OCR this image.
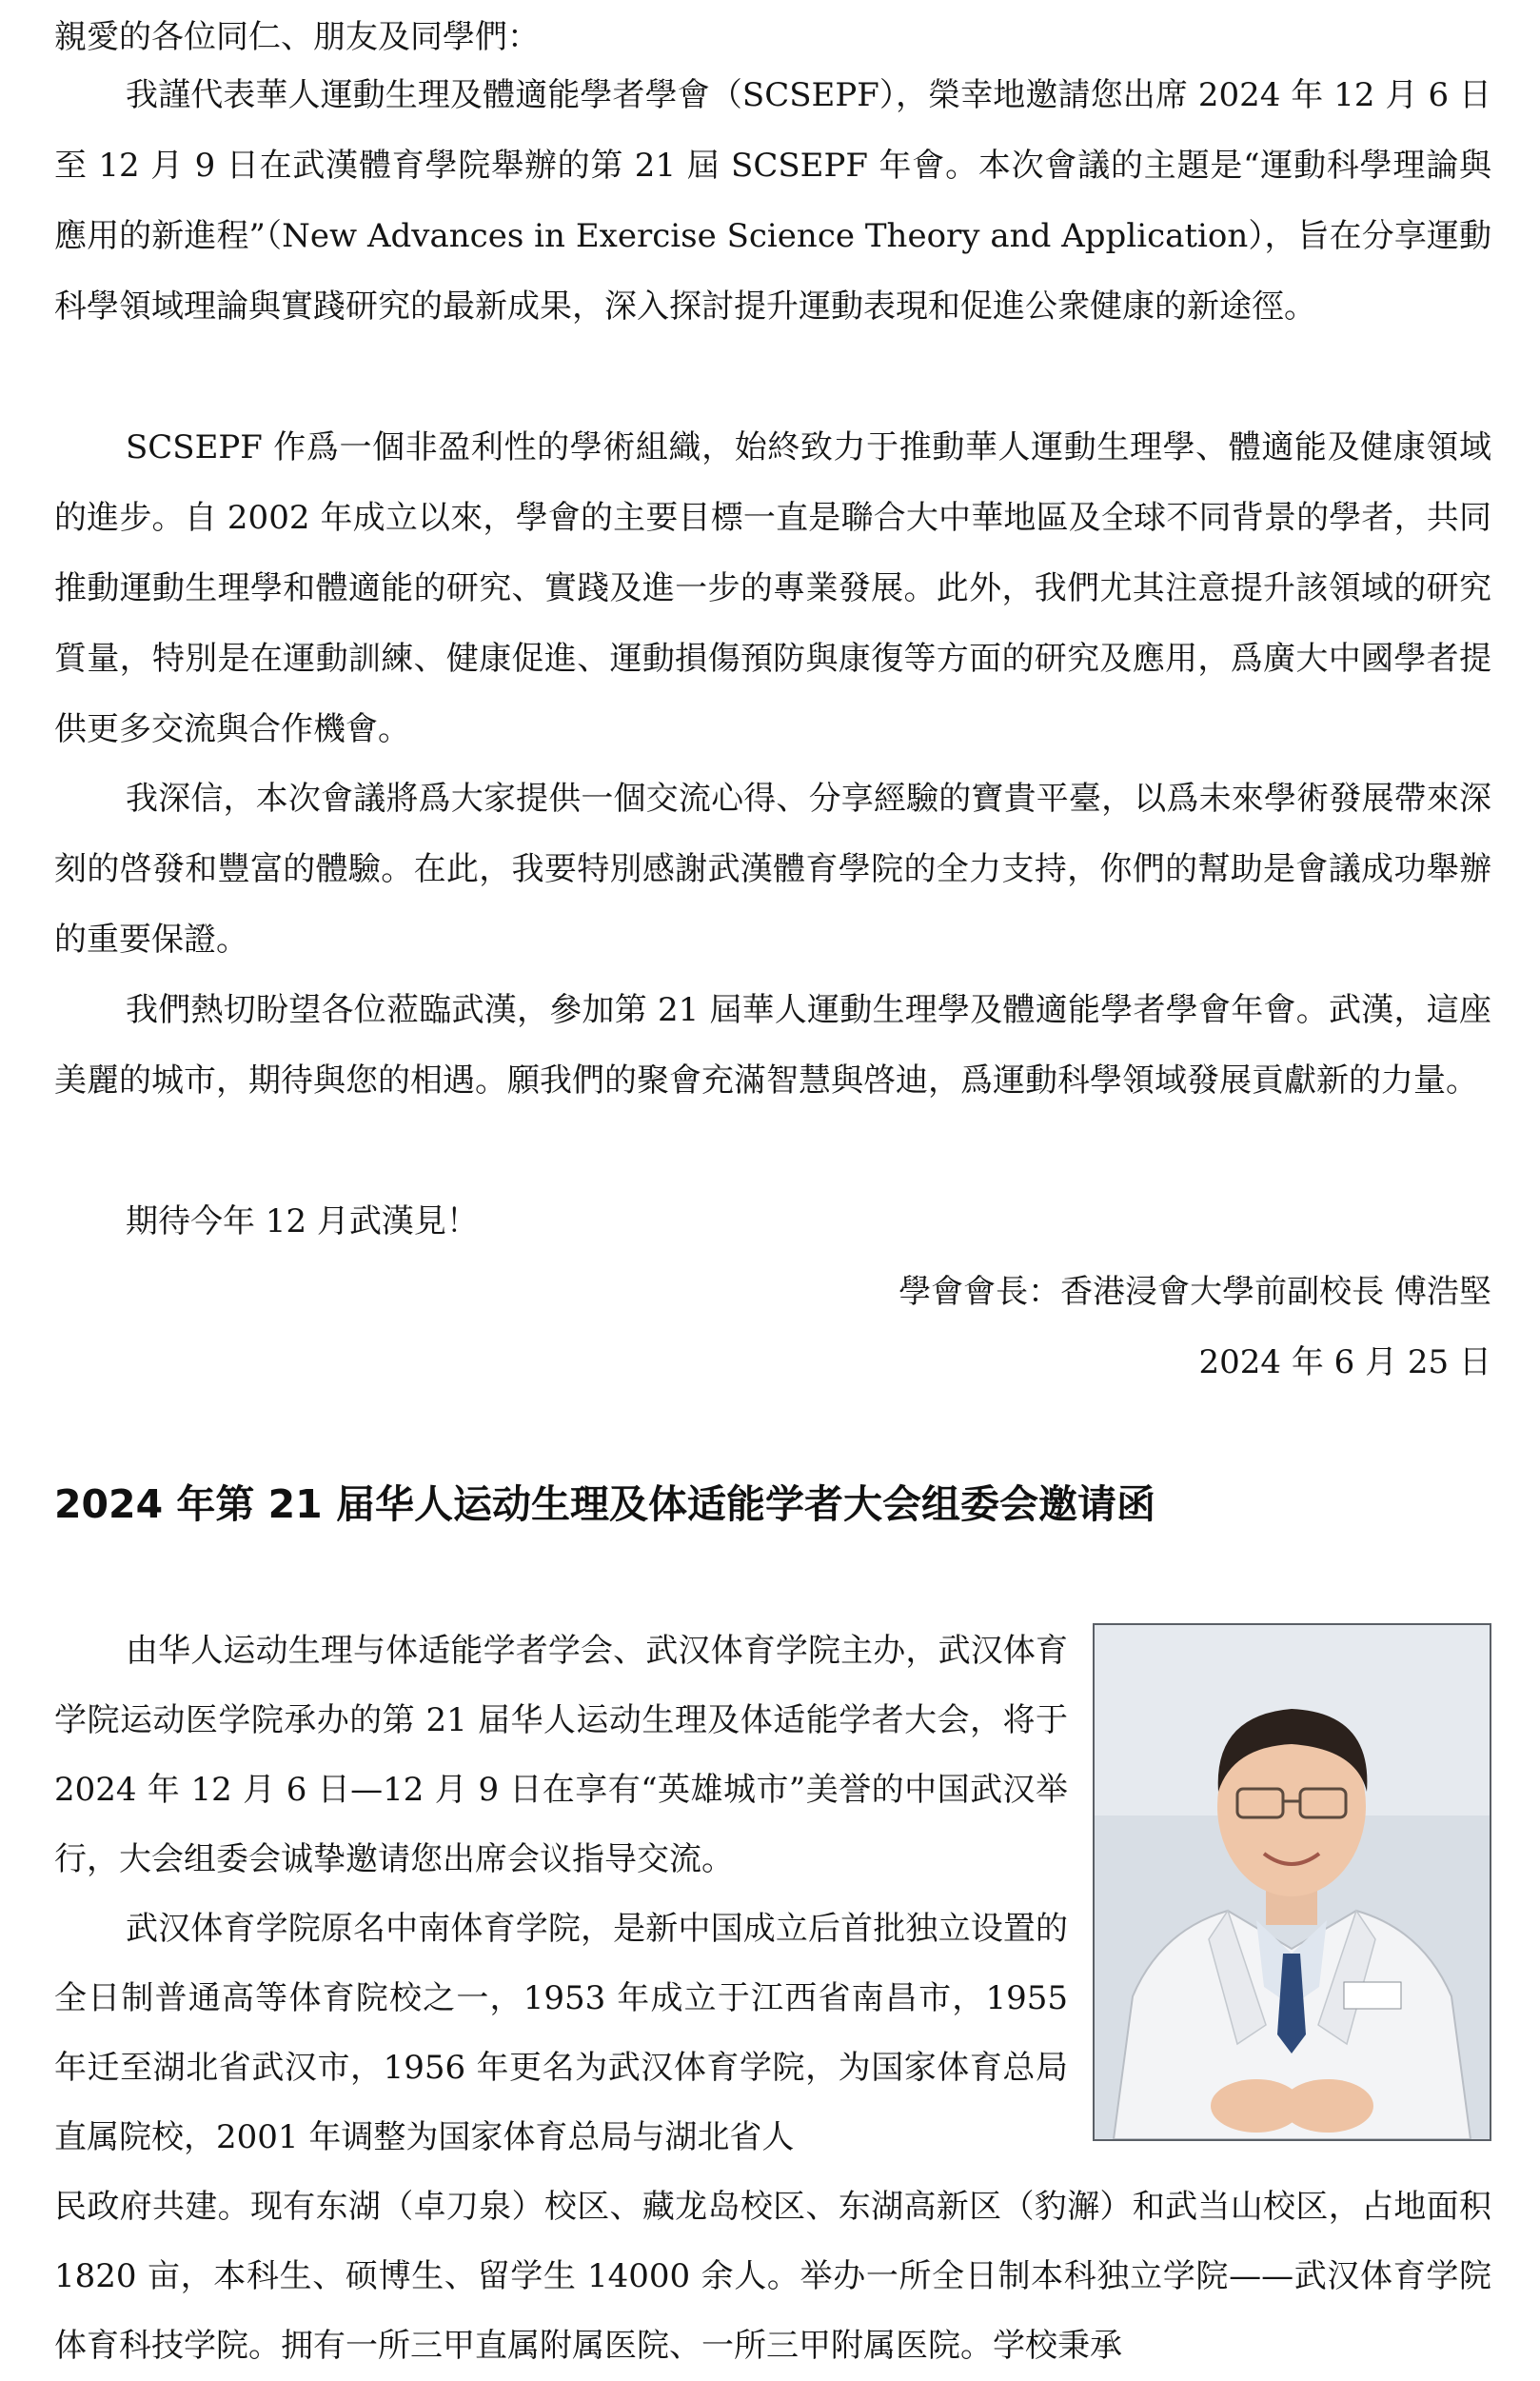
親愛的各位同仁、朋友及同學們：

我謹代表華人運動生理及體適能學者學會（SCSEPF），榮幸地邀請您出席 2024 年 12 月 6 日至 12 月 9 日在武漢體育學院舉辦的第 21 屆 SCSEPF 年會。本次會議的主題是“運動科學理論與應用的新進程”（New Advances in Exercise Science Theory and Application），旨在分享運動科學領域理論與實踐研究的最新成果，深入探討提升運動表現和促進公衆健康的新途徑。

SCSEPF 作爲一個非盈利性的學術組織，始終致力于推動華人運動生理學、體適能及健康領域的進步。自 2002 年成立以來，學會的主要目標一直是聯合大中華地區及全球不同背景的學者，共同推動運動生理學和體適能的研究、實踐及進一步的專業發展。此外，我們尤其注意提升該領域的研究質量，特別是在運動訓練、健康促進、運動損傷預防與康復等方面的研究及應用，爲廣大中國學者提供更多交流與合作機會。

我深信，本次會議將爲大家提供一個交流心得、分享經驗的寶貴平臺，以爲未來學術發展帶來深刻的啓發和豐富的體驗。在此，我要特別感謝武漢體育學院的全力支持，你們的幫助是會議成功舉辦的重要保證。

我們熱切盼望各位蒞臨武漢，參加第 21 屆華人運動生理學及體適能學者學會年會。武漢，這座美麗的城市，期待與您的相遇。願我們的聚會充滿智慧與啓迪，爲運動科學領域發展貢獻新的力量。

期待今年 12 月武漢見！

學會會長：香港浸會大學前副校長 傅浩堅

2024 年 6 月 25 日

2024 年第 21 届华人运动生理及体适能学者大会组委会邀请函

由华人运动生理与体适能学者学会、武汉体育学院主办，武汉体育学院运动医学院承办的第 21 届华人运动生理及体适能学者大会，将于 2024 年 12 月 6 日—12 月 9 日在享有“英雄城市”美誉的中国武汉举行，大会组委会诚挚邀请您出席会议指导交流。

武汉体育学院原名中南体育学院，是新中国成立后首批独立设置的全日制普通高等体育院校之一，1953 年成立于江西省南昌市，1955 年迁至湖北省武汉市，1956 年更名为武汉体育学院，为国家体育总局直属院校，2001 年调整为国家体育总局与湖北省人

民政府共建。现有东湖（卓刀泉）校区、藏龙岛校区、东湖高新区（豹澥）和武当山校区，占地面积 1820 亩，本科生、硕博生、留学生 14000 余人。举办一所全日制本科独立学院——武汉体育学院体育科技学院。拥有一所三甲直属附属医院、一所三甲附属医院。学校秉承
